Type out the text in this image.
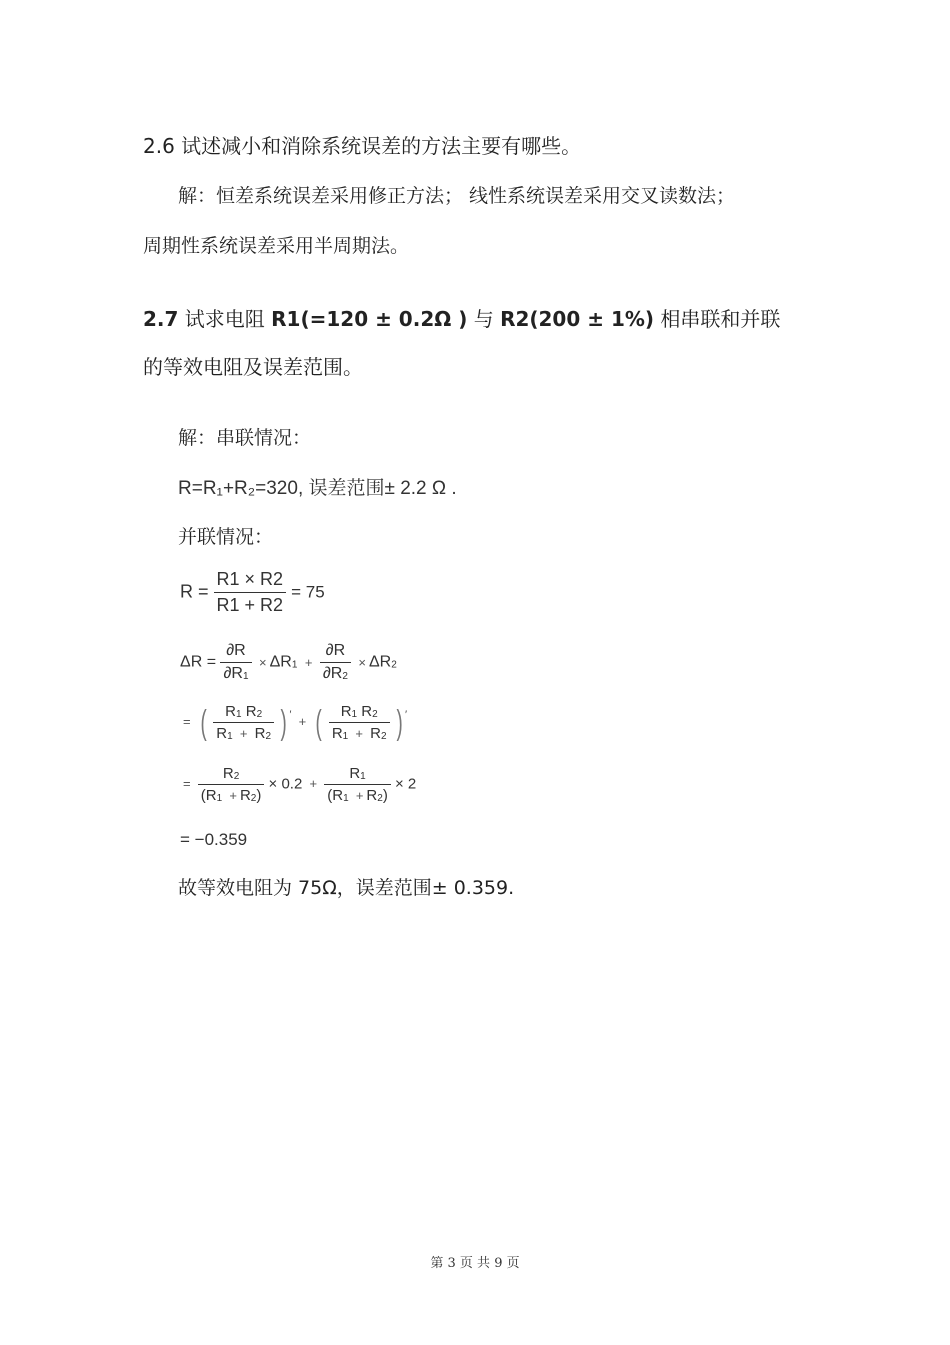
2.6 试述减小和消除系统误差的方法主要有哪些。
解：恒差系统误差采用修正方法； 线性系统误差采用交叉读数法；
周期性系统误差采用半周期法。
2.7 试求电阻 R1(=120 ± 0.2Ω ) 与 R2(200 ± 1%) 相串联和并联
的等效电阻及误差范围。
解：串联情况：
R=R₁+R₂=320, 误差范围± 2.2 Ω .
并联情况：
$R = \frac{R1 \times R2}{R1 + R2} = 75$
$\Delta R = \frac{\partial R}{\partial R1} \times \Delta R1 + \frac{\partial R}{\partial R2} \times \Delta R2$
= ( $\frac{R1 R2}{R1 + R2}$ ) ′ + ( $\frac{R1 R2}{R1 + R2}$ ) ′
= $\frac{R2}{(R1 + R2)} \times 0.2 + \frac{R1}{(R1 + R2)} \times 2$
= −0.359
故等效电阻为 75Ω，误差范围± 0.359.
第 3 页 共 9 页
